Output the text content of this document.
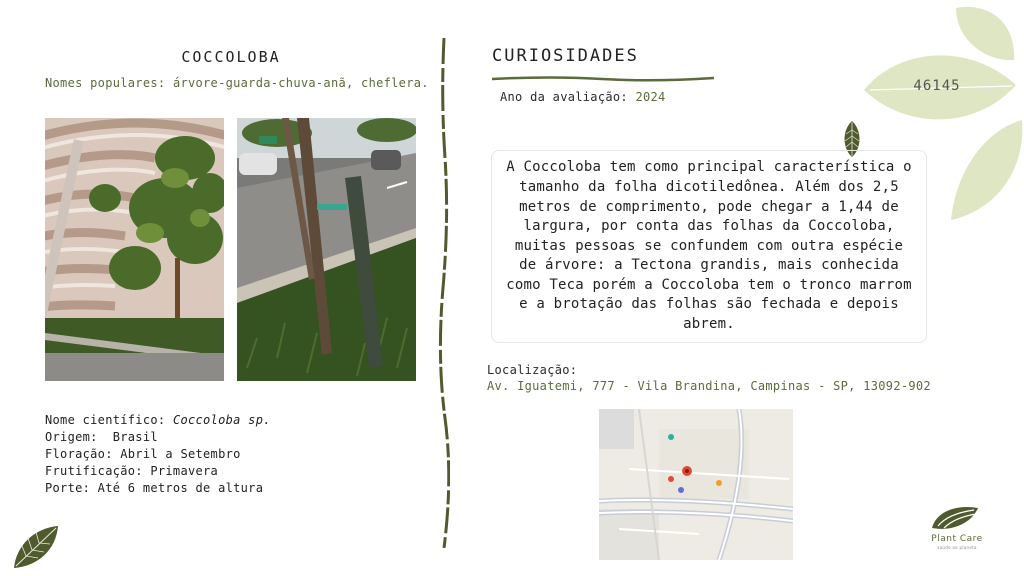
COCCOLOBA
Nomes populares: árvore-guarda-chuva-anã, cheflera.
Nome científico: Coccoloba sp.
Origem:  Brasil
Floração: Abril a Setembro
Frutificação: Primavera
Porte: Até 6 metros de altura
CURIOSIDADES
Ano da avaliação: 2024
A Coccoloba tem como principal característica o tamanho da folha dicotiledônea. Além dos 2,5 metros de comprimento, pode chegar a 1,44 de largura, por conta das folhas da Coccoloba, muitas pessoas se confundem com outra espécie de árvore: a Tectona grandis, mais conhecida como Teca porém a Coccoloba tem o tronco marrom e a brotação das folhas são fechada e depois abrem.
Localização:
Av. Iguatemi, 777 - Vila Brandina, Campinas - SP, 13092-902
.
46145
Plant Care
saúde ao planeta
